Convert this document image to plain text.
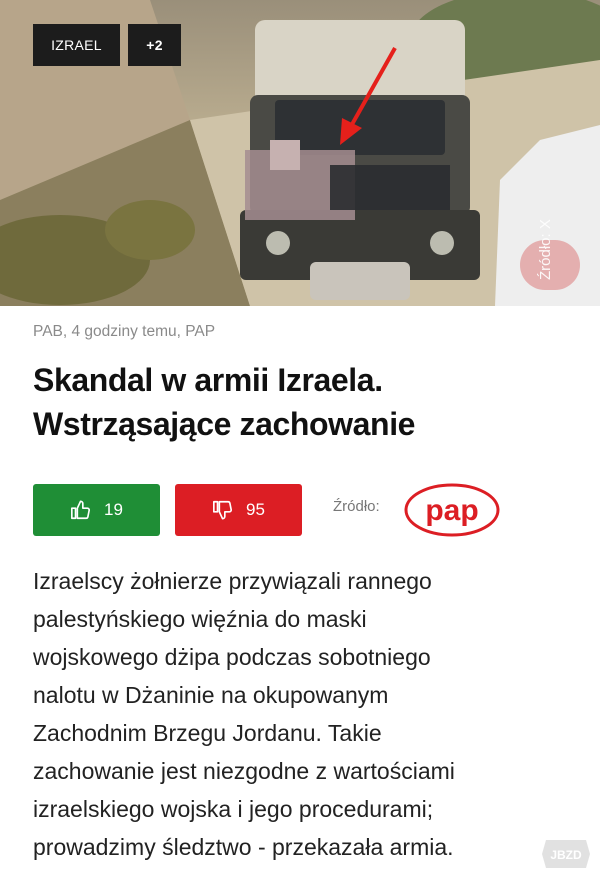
IZRAEL	+2
Źródło: X
PAB, 4 godziny temu, PAP
Skandal w armii Izraela.
Wstrząsające zachowanie
19	95	Źródło: pap

Izraelscy żołnierze przywiązali rannego
palestyńskiego więźnia do maski
wojskowego dżipa podczas sobotniego
nalotu w Dżaninie na okupowanym
Zachodnim Brzegu Jordanu. Takie
zachowanie jest niezgodne z wartościami
izraelskiego wojska i jego procedurami;
prowadzimy śledztwo - przekazała armia.	JBZD
